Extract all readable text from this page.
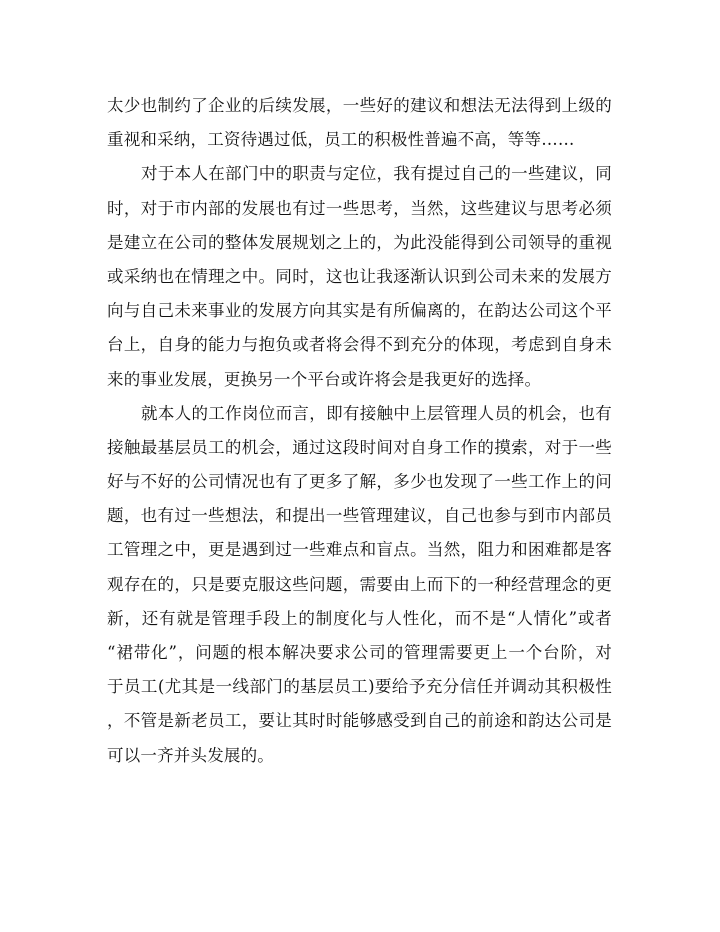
太少也制约了企业的后续发展，一些好的建议和想法无法得到上级的
重视和采纳，工资待遇过低，员工的积极性普遍不高，等等……
对于本人在部门中的职责与定位，我有提过自己的一些建议，同
时，对于市内部的发展也有过一些思考，当然，这些建议与思考必须
是建立在公司的整体发展规划之上的，为此没能得到公司领导的重视
或采纳也在情理之中。同时，这也让我逐渐认识到公司未来的发展方
向与自己未来事业的发展方向其实是有所偏离的，在韵达公司这个平
台上，自身的能力与抱负或者将会得不到充分的体现，考虑到自身未
来的事业发展，更换另一个平台或许将会是我更好的选择。
就本人的工作岗位而言，即有接触中上层管理人员的机会，也有
接触最基层员工的机会，通过这段时间对自身工作的摸索，对于一些
好与不好的公司情况也有了更多了解，多少也发现了一些工作上的问
题，也有过一些想法，和提出一些管理建议，自己也参与到市内部员
工管理之中，更是遇到过一些难点和盲点。当然，阻力和困难都是客
观存在的，只是要克服这些问题，需要由上而下的一种经营理念的更
新，还有就是管理手段上的制度化与人性化，而不是“人情化”或者
“裙带化”，问题的根本解决要求公司的管理需要更上一个台阶，对
于员工(尤其是一线部门的基层员工)要给予充分信任并调动其积极性
，不管是新老员工，要让其时时能够感受到自己的前途和韵达公司是
可以一齐并头发展的。
